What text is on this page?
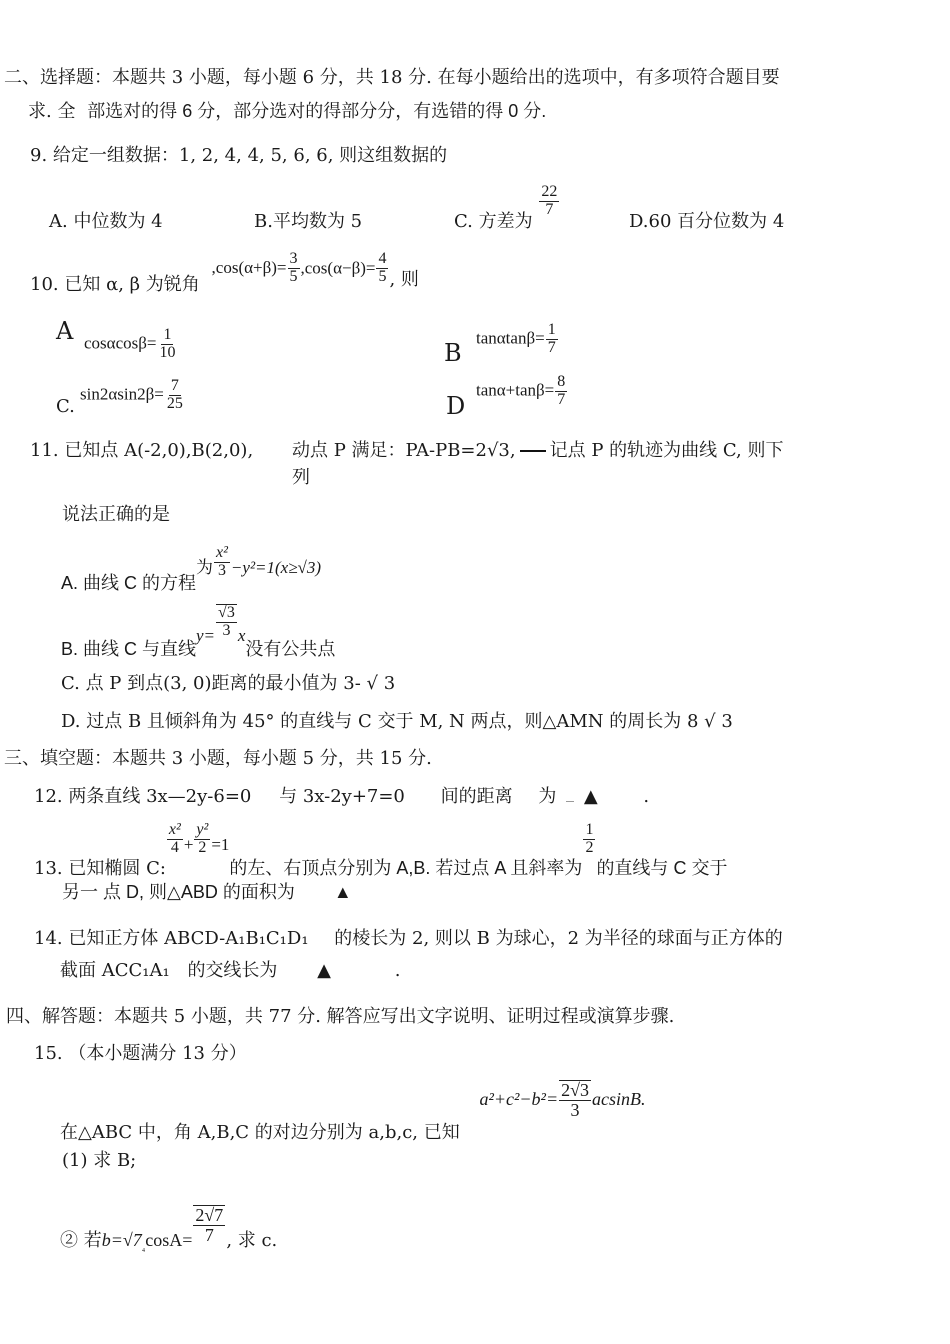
二、选择题：本题共 3 小题，每小题 6 分，共 18 分. 在每小题给出的选项中，有多项符合题目要
求. 全 部选对的得 6 分，部分选对的得部分分，有选错的得 0 分.
9. 给定一组数据：1, 2, 4, 4, 5, 6, 6, 则这组数据的
A. 中位数为 4	B.平均数为 5	C. 方差为
$\frac{22}{7}$
D.60 百分位数为 4
10. 已知 α, β 为锐角 $,\cos(\alpha+\beta)= \frac{3}{5} ,\cos(\alpha-\beta)= \frac{4}{5}$ , 则
A $\cos\alpha\cos\beta= \frac{1}{10}$	B
$\tan\alpha\tan\beta= \frac{1}{7}$
C.
$\sin 2\alpha\sin 2\beta= \frac{7}{25}$	D
$\tan\alpha+\tan\beta= \frac{8}{7}$
11. 已知点 A(-2,0),B(2,0), 动点 P 满足：PA-PB=2√3, 记点 P 的轨迹为曲线 C, 则下
列
说法正确的是
A. 曲线 C 的方程为 $\frac{\text{x²}}{3} -y^2=1(x\ge√3)$
B. 曲线 C 与直线$y= \frac{√3}{3}$ x没有公共点
C. 点 P 到点(3, 0)距离的最小值为 3- √ 3
D. 过点 B 且倾斜角为 45° 的直线与 C 交于 M, N 两点，则△AMN 的周长为 8 √ 3
三、填空题：本题共 3 小题，每小题 5 分，共 15 分.
12. 两条直线 3x—2y-6=0 与 3x-2y+7=0 间的距离 为 ▲	.
13. 已知椭圆 C:
$\frac{\text{x²}}{4} + \frac{\text{y²}}{2} =1$的左、右顶点分别为 A,B. 若过点 A 且斜率为
$\frac{1}{2}$
的直线与 C 交于
另一 点 D, 则△ABD 的面积为 ▲
14. 已知正方体 ABCD-A₁B₁C₁D₁ 的棱长为 2, 则以 B 为球心，2 为半径的球面与正方体的
截面 ACC₁A₁ 的交线长为 ▲	.
四、解答题：本题共 5 小题，共 77 分. 解答应写出文字说明、证明过程或演算步骤.
15. （本小题满分 13 分）
在△ABC 中，角 A,B,C 的对边分别为 a,b,c, 已知 $a^2+c^2-b^2= \frac{2√3}{3} acsinB$.
(1) 求 B;
② 若$b=√7_{_4}\cos A= \frac{2√7}{7}$ , 求 c.
